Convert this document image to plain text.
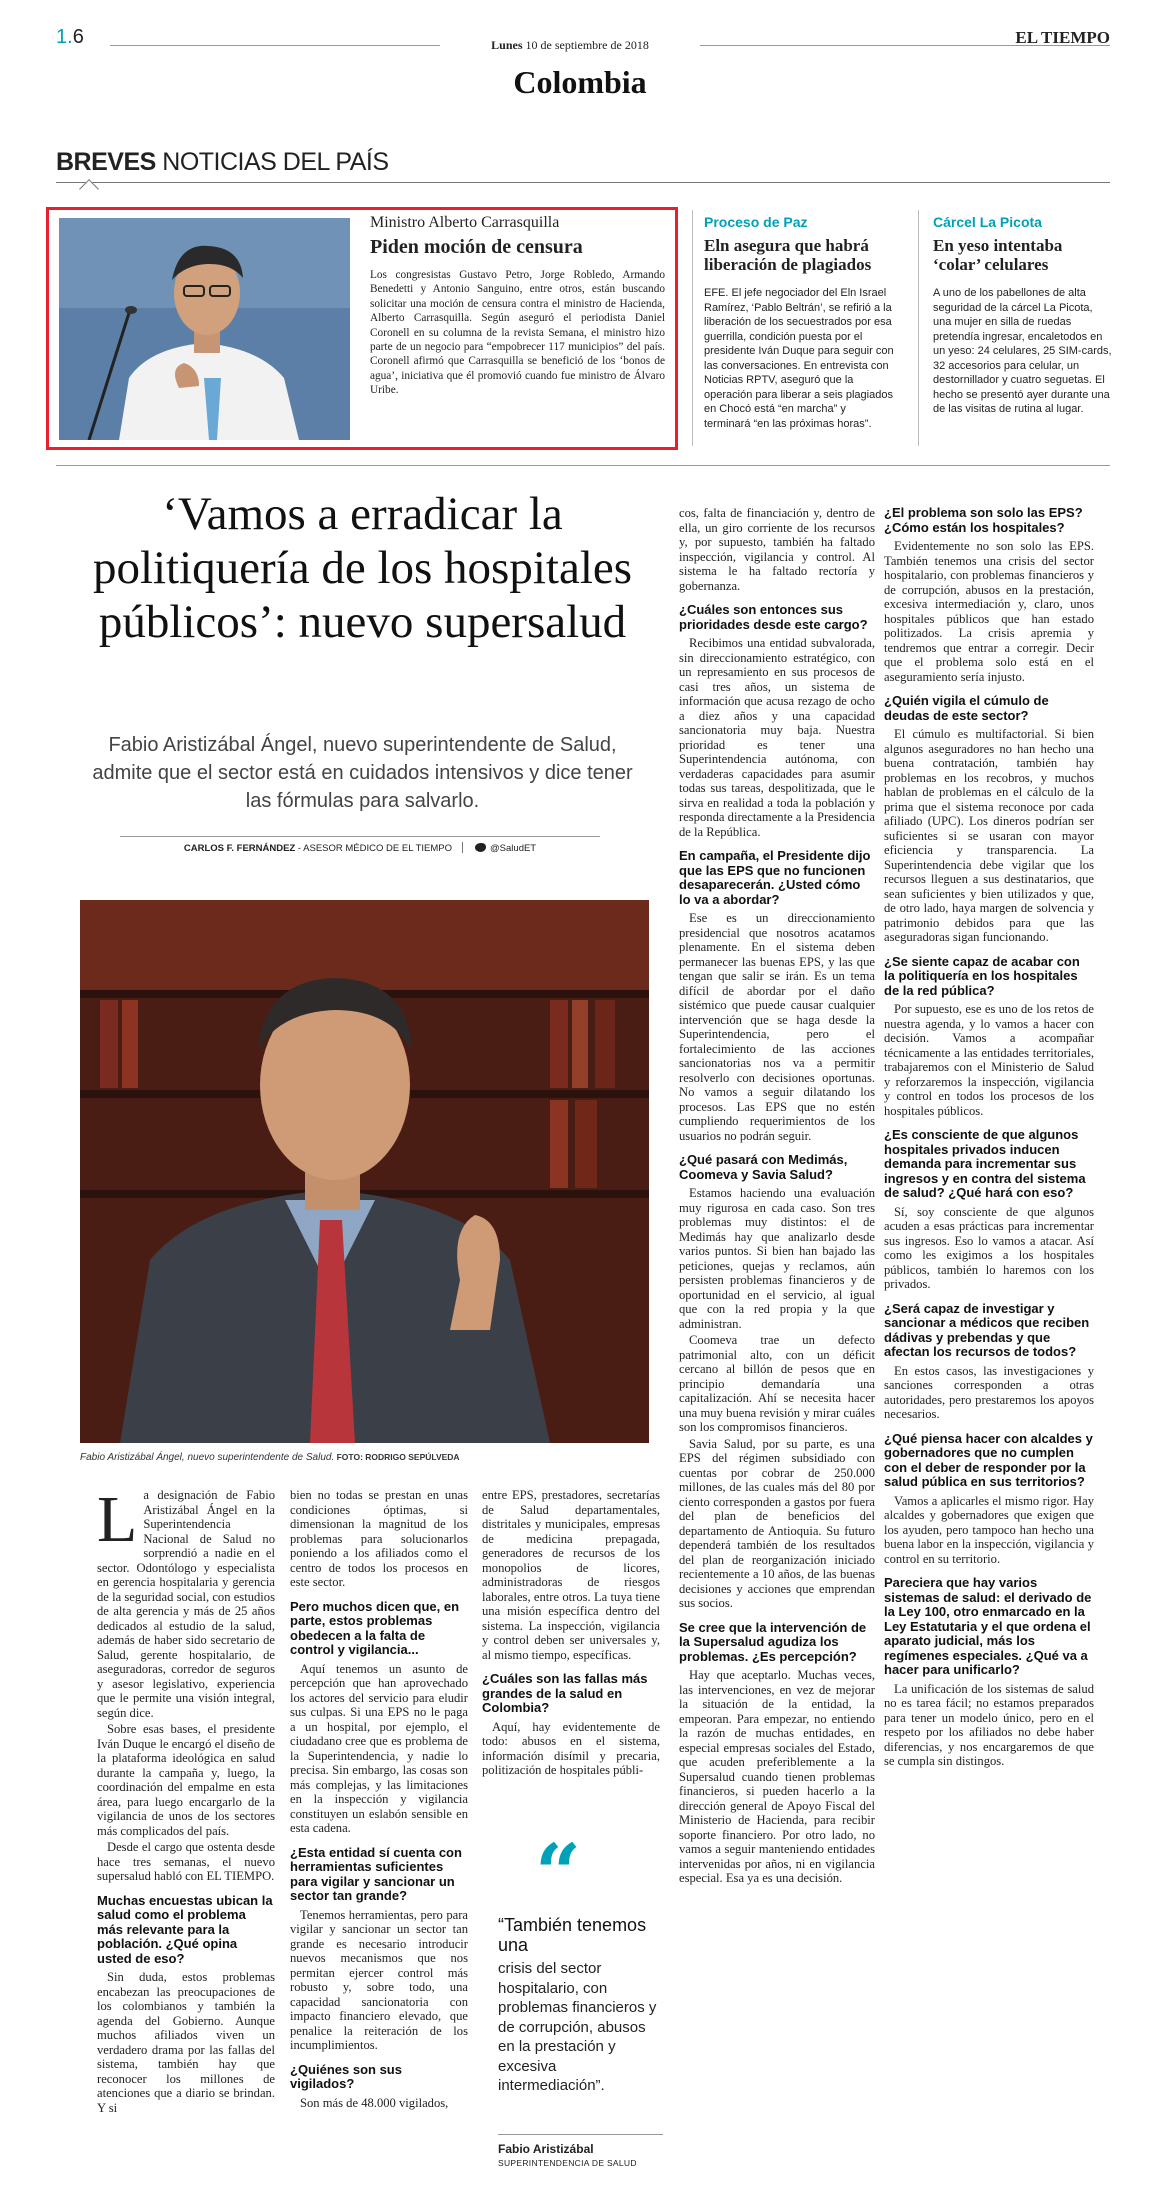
1.6	Lunes 10 de septiembre de 2018	EL TIEMPO
Colombia
BREVES NOTICIAS DEL PAÍS
Ministro Alberto Carrasquilla
Piden moción de censura
Los congresistas Gustavo Petro, Jorge Robledo, Armando Benedetti y Antonio Sanguino, entre otros, están buscando solicitar una moción de censura contra el ministro de Hacienda, Alberto Carrasquilla. Según aseguró el periodista Daniel Coronell en su columna de la revista Semana, el ministro hizo parte de un negocio para “empobrecer 117 municipios” del país. Coronell afirmó que Carrasquilla se benefició de los ‘bonos de agua’, iniciativa que él promovió cuando fue ministro de Álvaro Uribe.
Proceso de Paz
Eln asegura que habrá liberación de plagiados
EFE. El jefe negociador del Eln Israel Ramírez, ‘Pablo Beltrán’, se refirió a la liberación de los secuestrados por esa guerrilla, condición puesta por el presidente Iván Duque para seguir con las conversaciones. En entrevista con Noticias RPTV, aseguró que la operación para liberar a seis plagiados en Chocó está “en marcha” y terminará “en las próximas horas”.
Cárcel La Picota
En yeso intentaba ‘colar’ celulares
A uno de los pabellones de alta seguridad de la cárcel La Picota, una mujer en silla de ruedas pretendía ingresar, encaletodos en un yeso: 24 celulares, 25 SIM-cards, 32 accesorios para celular, un destornillador y cuatro seguetas. El hecho se presentó ayer durante una de las visitas de rutina al lugar.
‘Vamos a erradicar la politiquería de los hospitales públicos’: nuevo supersalud
Fabio Aristizábal Ángel, nuevo superintendente de Salud, admite que el sector está en cuidados intensivos y dice tener las fórmulas para salvarlo.
CARLOS F. FERNÁNDEZ - ASESOR MÉDICO DE EL TIEMPO	@SaludET
Fabio Aristizábal Ángel, nuevo superintendente de Salud. FOTO: RODRIGO SEPÚLVEDA
L a designación de Fabio Aristizábal Ángel en la Superintendencia Nacional de Salud no sorprendió a nadie en el sector. Odontólogo y especialista en gerencia hospitalaria y gerencia de la seguridad social, con estudios de alta gerencia y más de 25 años dedicados al estudio de la salud, además de haber sido secretario de Salud, gerente hospitalario, de aseguradoras, corredor de seguros y asesor legislativo, experiencia que le permite una visión integral, según dice.

Sobre esas bases, el presidente Iván Duque le encargó el diseño de la plataforma ideológica en salud durante la campaña y, luego, la coordinación del empalme en esta área, para luego encargarlo de la vigilancia de unos de los sectores más complicados del país.

Desde el cargo que ostenta desde hace tres semanas, el nuevo supersalud habló con EL TIEMPO.

Muchas encuestas ubican la salud como el problema más relevante para la población. ¿Qué opina usted de eso?

Sin duda, estos problemas encabezan las preocupaciones de los colombianos y también la agenda del Gobierno. Aunque muchos afiliados viven un verdadero drama por las fallas del sistema, también hay que reconocer los millones de atenciones que a diario se brindan. Y si

bien no todas se prestan en unas condiciones óptimas, si dimensionan la magnitud de los problemas para solucionarlos poniendo a los afiliados como el centro de todos los procesos en este sector.

Pero muchos dicen que, en parte, estos problemas obedecen a la falta de control y vigilancia...

Aquí tenemos un asunto de percepción que han aprovechado los actores del servicio para eludir sus culpas. Si una EPS no le paga a un hospital, por ejemplo, el ciudadano cree que es problema de la Superintendencia, y nadie lo precisa. Sin embargo, las cosas son más complejas, y las limitaciones en la inspección y vigilancia constituyen un eslabón sensible en esta cadena.

¿Esta entidad sí cuenta con herramientas suficientes para vigilar y sancionar un sector tan grande?

Tenemos herramientas, pero para vigilar y sancionar un sector tan grande es necesario introducir nuevos mecanismos que nos permitan ejercer control más robusto y, sobre todo, una capacidad sancionatoria con impacto financiero elevado, que penalice la reiteración de los incumplimientos.

¿Quiénes son sus vigilados?

Son más de 48.000 vigilados,

entre EPS, prestadores, secretarías de Salud departamentales, distritales y municipales, empresas de medicina prepagada, generadores de recursos de los monopolios de licores, administradoras de riesgos laborales, entre otros. La tuya tiene una misión específica dentro del sistema. La inspección, vigilancia y control deben ser universales y, al mismo tiempo, específicas.

¿Cuáles son las fallas más grandes de la salud en Colombia?

Aquí, hay evidentemente de todo: abusos en el sistema, información disímil y precaria, politización de hospitales públi-

“
“También tenemos una
crisis del sector hospitalario, con problemas financieros y de corrupción, abusos en la prestación y excesiva intermediación”.
Fabio Aristizábal
SUPERINTENDENCIA DE SALUD

cos, falta de financiación y, dentro de ella, un giro corriente de los recursos y, por supuesto, también ha faltado inspección, vigilancia y control. Al sistema le ha faltado rectoría y gobernanza.

¿Cuáles son entonces sus prioridades desde este cargo?

Recibimos una entidad subvalorada, sin direccionamiento estratégico, con un represamiento en sus procesos de casi tres años, un sistema de información que acusa rezago de ocho a diez años y una capacidad sancionatoria muy baja. Nuestra prioridad es tener una Superintendencia autónoma, con verdaderas capacidades para asumir todas sus tareas, despolitizada, que le sirva en realidad a toda la población y responda directamente a la Presidencia de la República.

En campaña, el Presidente dijo que las EPS que no funcionen desaparecerán. ¿Usted cómo lo va a abordar?

Ese es un direccionamiento presidencial que nosotros acatamos plenamente. En el sistema deben permanecer las buenas EPS, y las que tengan que salir se irán. Es un tema difícil de abordar por el daño sistémico que puede causar cualquier intervención que se haga desde la Superintendencia, pero el fortalecimiento de las acciones sancionatorias nos va a permitir resolverlo con decisiones oportunas. No vamos a seguir dilatando los procesos. Las EPS que no estén cumpliendo requerimientos de los usuarios no podrán seguir.

¿Qué pasará con Medimás, Coomeva y Savia Salud?

Estamos haciendo una evaluación muy rigurosa en cada caso. Son tres problemas muy distintos: el de Medimás hay que analizarlo desde varios puntos. Si bien han bajado las peticiones, quejas y reclamos, aún persisten problemas financieros y de oportunidad en el servicio, al igual que con la red propia y la que administran.

Coomeva trae un defecto patrimonial alto, con un déficit cercano al billón de pesos que en principio demandaría una capitalización. Ahí se necesita hacer una muy buena revisión y mirar cuáles son los compromisos financieros.

Savia Salud, por su parte, es una EPS del régimen subsidiado con cuentas por cobrar de 250.000 millones, de las cuales más del 80 por ciento corresponden a gastos por fuera del plan de beneficios del departamento de Antioquia. Su futuro dependerá también de los resultados del plan de reorganización iniciado recientemente a 10 años, de las buenas decisiones y acciones que emprendan sus socios.

Se cree que la intervención de la Supersalud agudiza los problemas. ¿Es percepción?

Hay que aceptarlo. Muchas veces, las intervenciones, en vez de mejorar la situación de la entidad, la empeoran. Para empezar, no entiendo la razón de muchas entidades, en especial empresas sociales del Estado, que acuden preferiblemente a la Supersalud cuando tienen problemas financieros, si pueden hacerlo a la dirección general de Apoyo Fiscal del Ministerio de Hacienda, para recibir soporte financiero. Por otro lado, no vamos a seguir manteniendo entidades intervenidas por años, ni en vigilancia especial. Esa ya es una decisión.

¿El problema son solo las EPS? ¿Cómo están los hospitales?

Evidentemente no son solo las EPS. También tenemos una crisis del sector hospitalario, con problemas financieros y de corrupción, abusos en la prestación, excesiva intermediación y, claro, unos hospitales públicos que han estado politizados. La crisis apremia y tendremos que entrar a corregir. Decir que el problema solo está en el aseguramiento sería injusto.

¿Quién vigila el cúmulo de deudas de este sector?

El cúmulo es multifactorial. Si bien algunos aseguradores no han hecho una buena contratación, también hay problemas en los recobros, y muchos hablan de problemas en el cálculo de la prima que el sistema reconoce por cada afiliado (UPC). Los dineros podrían ser suficientes si se usaran con mayor eficiencia y transparencia. La Superintendencia debe vigilar que los recursos lleguen a sus destinatarios, que sean suficientes y bien utilizados y que, de otro lado, haya margen de solvencia y patrimonio debidos para que las aseguradoras sigan funcionando.

¿Se siente capaz de acabar con la politiquería en los hospitales de la red pública?

Por supuesto, ese es uno de los retos de nuestra agenda, y lo vamos a hacer con decisión. Vamos a acompañar técnicamente a las entidades territoriales, trabajaremos con el Ministerio de Salud y reforzaremos la inspección, vigilancia y control en todos los procesos de los hospitales públicos.

¿Es consciente de que algunos hospitales privados inducen demanda para incrementar sus ingresos y en contra del sistema de salud? ¿Qué hará con eso?

Sí, soy consciente de que algunos acuden a esas prácticas para incrementar sus ingresos. Eso lo vamos a atacar. Así como les exigimos a los hospitales públicos, también lo haremos con los privados.

¿Será capaz de investigar y sancionar a médicos que reciben dádivas y prebendas y que afectan los recursos de todos?

En estos casos, las investigaciones y sanciones corresponden a otras autoridades, pero prestaremos los apoyos necesarios.

¿Qué piensa hacer con alcaldes y gobernadores que no cumplen con el deber de responder por la salud pública en sus territorios?

Vamos a aplicarles el mismo rigor. Hay alcaldes y gobernadores que exigen que los ayuden, pero tampoco han hecho una buena labor en la inspección, vigilancia y control en su territorio.

Pareciera que hay varios sistemas de salud: el derivado de la Ley 100, otro enmarcado en la Ley Estatutaria y el que ordena el aparato judicial, más los regímenes especiales. ¿Qué va a hacer para unificarlo?

La unificación de los sistemas de salud no es tarea fácil; no estamos preparados para tener un modelo único, pero en el respeto por los afiliados no debe haber diferencias, y nos encargaremos de que se cumpla sin distingos.
